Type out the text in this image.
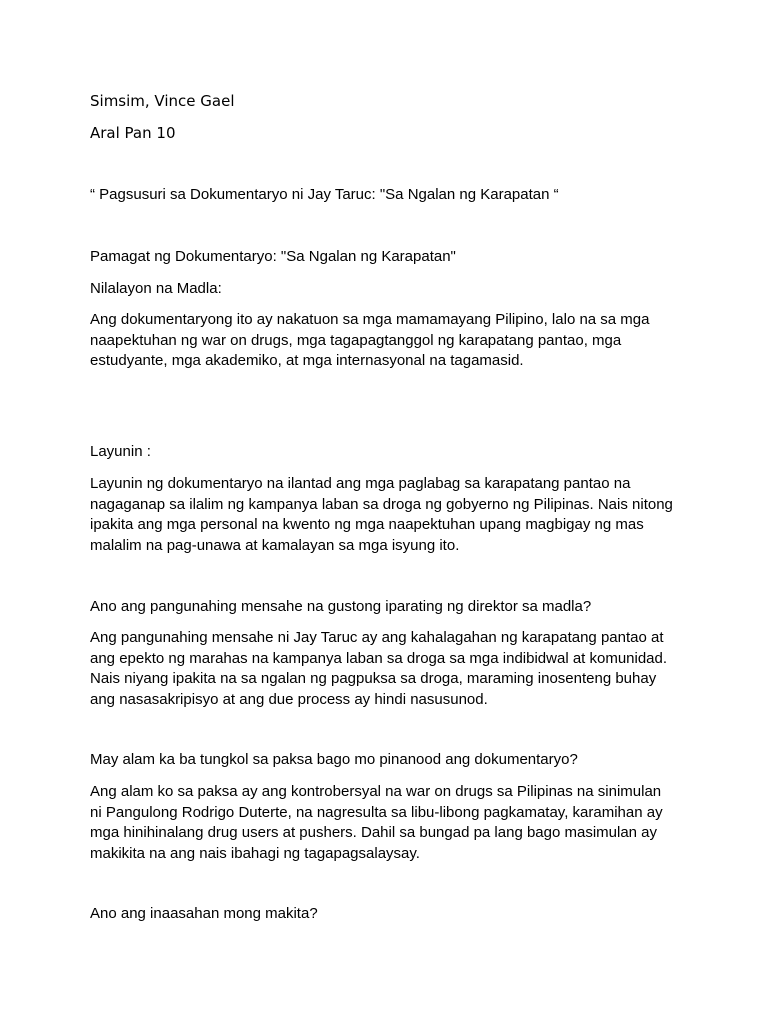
Simsim, Vince Gael

Aral Pan 10

“ Pagsusuri sa Dokumentaryo ni Jay Taruc: "Sa Ngalan ng Karapatan “

Pamagat ng Dokumentaryo: "Sa Ngalan ng Karapatan"

Nilalayon na Madla:

Ang dokumentaryong ito ay nakatuon sa mga mamamayang Pilipino, lalo na sa mga
naapektuhan ng war on drugs, mga tagapagtanggol ng karapatang pantao, mga
estudyante, mga akademiko, at mga internasyonal na tagamasid.

Layunin :

Layunin ng dokumentaryo na ilantad ang mga paglabag sa karapatang pantao na
nagaganap sa ilalim ng kampanya laban sa droga ng gobyerno ng Pilipinas. Nais nitong
ipakita ang mga personal na kwento ng mga naapektuhan upang magbigay ng mas
malalim na pag-unawa at kamalayan sa mga isyung ito.

Ano ang pangunahing mensahe na gustong iparating ng direktor sa madla?

Ang pangunahing mensahe ni Jay Taruc ay ang kahalagahan ng karapatang pantao at
ang epekto ng marahas na kampanya laban sa droga sa mga indibidwal at komunidad.
Nais niyang ipakita na sa ngalan ng pagpuksa sa droga, maraming inosenteng buhay
ang nasasakripisyo at ang due process ay hindi nasusunod.

May alam ka ba tungkol sa paksa bago mo pinanood ang dokumentaryo?

Ang alam ko sa paksa ay ang kontrobersyal na war on drugs sa Pilipinas na sinimulan
ni Pangulong Rodrigo Duterte, na nagresulta sa libu-libong pagkamatay, karamihan ay
mga hinihinalang drug users at pushers. Dahil sa bungad pa lang bago masimulan ay
makikita na ang nais ibahagi ng tagapagsalaysay.

Ano ang inaasahan mong makita?
